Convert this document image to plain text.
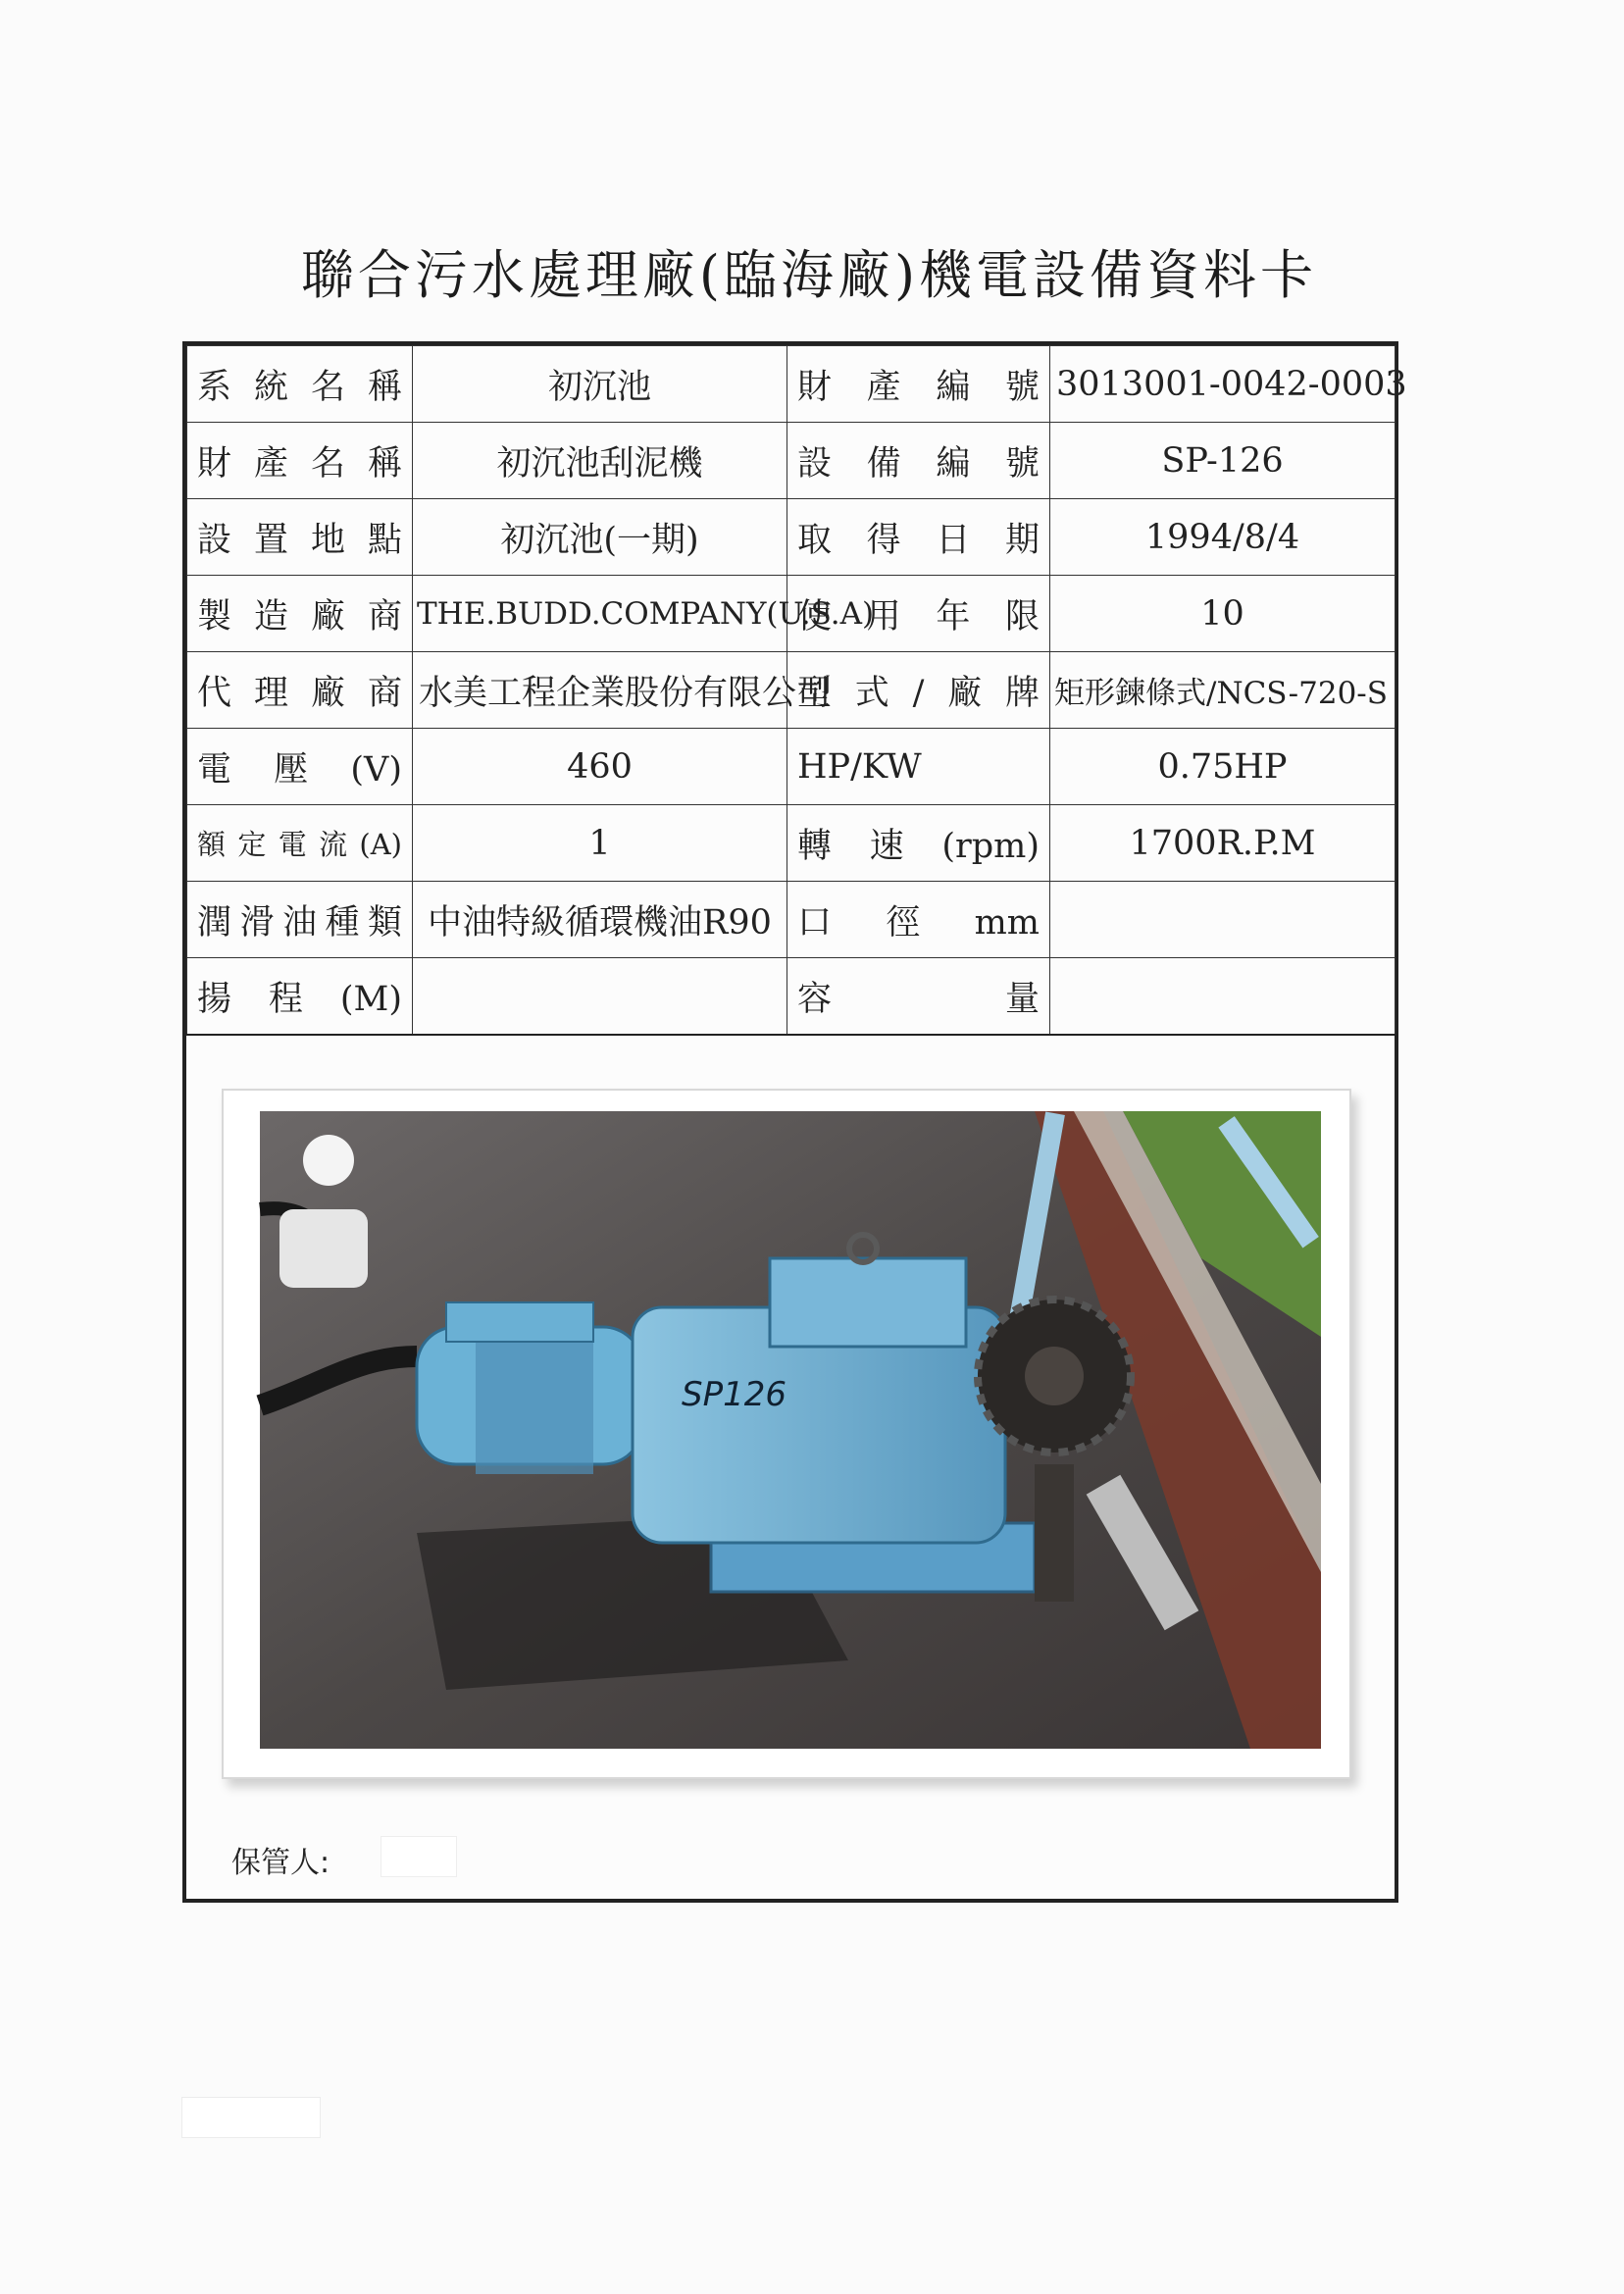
聯合污水處理廠(臨海廠)機電設備資料卡
系統名稱	初沉池	財產編號	3013001-0042-0003
財產名稱	初沉池刮泥機	設備編號	SP-126
設置地點	初沉池(一期)	取得日期	1994/8/4
製造廠商	THE.BUDD.COMPANY(U.S.A)	使用年限	10
代理廠商	水美工程企業股份有限公司	型式/廠牌	矩形鍊條式/NCS-720-S
電壓(V)	460	HP/KW	0.75HP
額定電流(A)	1	轉速(rpm)	1700R.P.M
潤滑油種類	中油特級循環機油R90	口徑mm	
揚程(M)		容量	
SP126
保管人:
